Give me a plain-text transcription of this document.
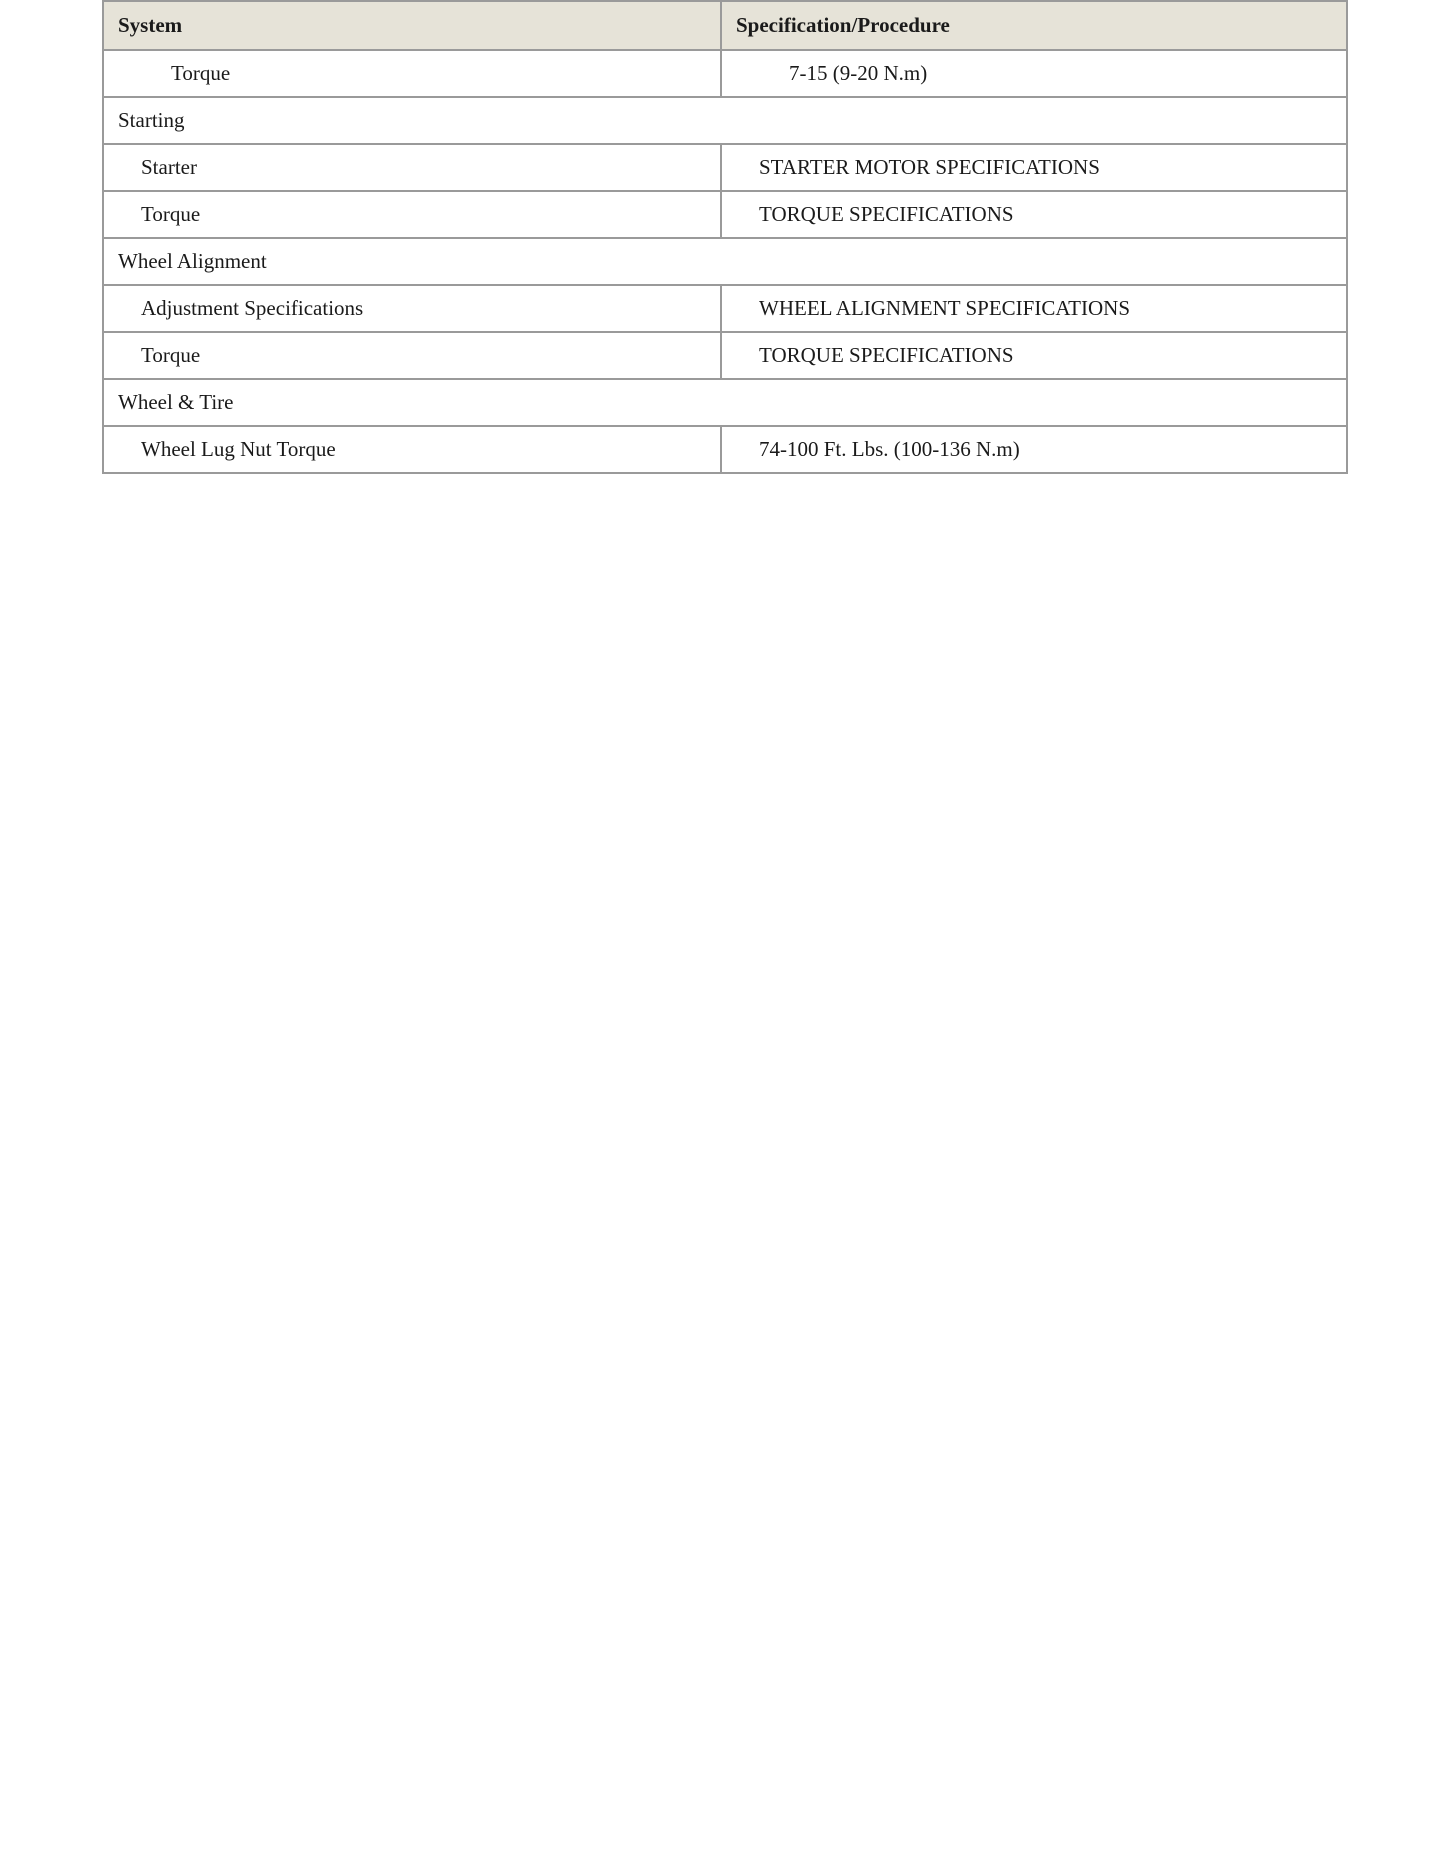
System	Specification/Procedure
Torque	7-15 (9-20 N.m)
Starting	
Starter	STARTER MOTOR SPECIFICATIONS
Torque	TORQUE SPECIFICATIONS
Wheel Alignment	
Adjustment Specifications	WHEEL ALIGNMENT SPECIFICATIONS
Torque	TORQUE SPECIFICATIONS
Wheel & Tire	
Wheel Lug Nut Torque	74-100 Ft. Lbs. (100-136 N.m)
